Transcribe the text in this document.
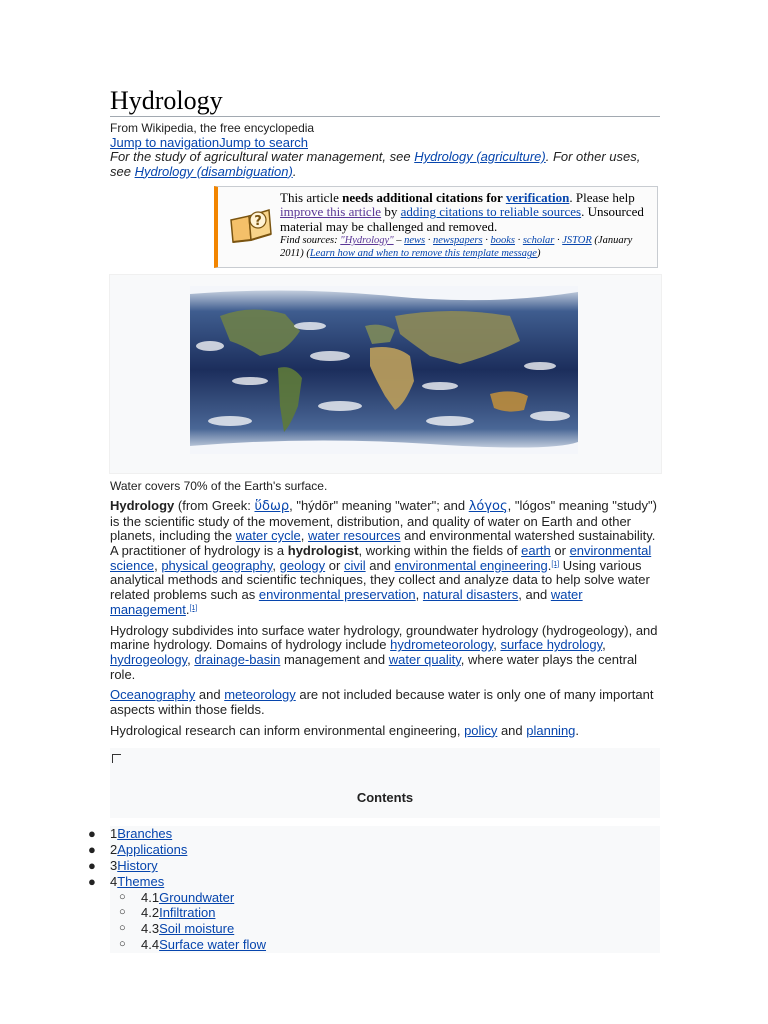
Hydrology
From Wikipedia, the free encyclopedia
Jump to navigationJump to search
For the study of agricultural water management, see Hydrology (agriculture). For other uses, see Hydrology (disambiguation).
?
This article needs additional citations for verification. Please help improve this article by adding citations to reliable sources. Unsourced material may be challenged and removed.
Find sources: "Hydrology" – news · newspapers · books · scholar · JSTOR (January 2011) (Learn how and when to remove this template message)
Water covers 70% of the Earth's surface.

Hydrology (from Greek: ὕδωρ, "hýdōr" meaning "water"; and λόγος, "lógos" meaning "study") is the scientific study of the movement, distribution, and quality of water on Earth and other planets, including the water cycle, water resources and environmental watershed sustainability. A practitioner of hydrology is a hydrologist, working within the fields of earth or environmental science, physical geography, geology or civil and environmental engineering.[1] Using various analytical methods and scientific techniques, they collect and analyze data to help solve water related problems such as environmental preservation, natural disasters, and water management.[1]

Hydrology subdivides into surface water hydrology, groundwater hydrology (hydrogeology), and marine hydrology. Domains of hydrology include hydrometeorology, surface hydrology, hydrogeology, drainage-basin management and water quality, where water plays the central role.

Oceanography and meteorology are not included because water is only one of many important aspects within those fields.

Hydrological research can inform environmental engineering, policy and planning.

Contents
● 1Branches
● 2Applications
● 3History
● 4Themes
○ 4.1Groundwater
○ 4.2Infiltration
○ 4.3Soil moisture
○ 4.4Surface water flow
